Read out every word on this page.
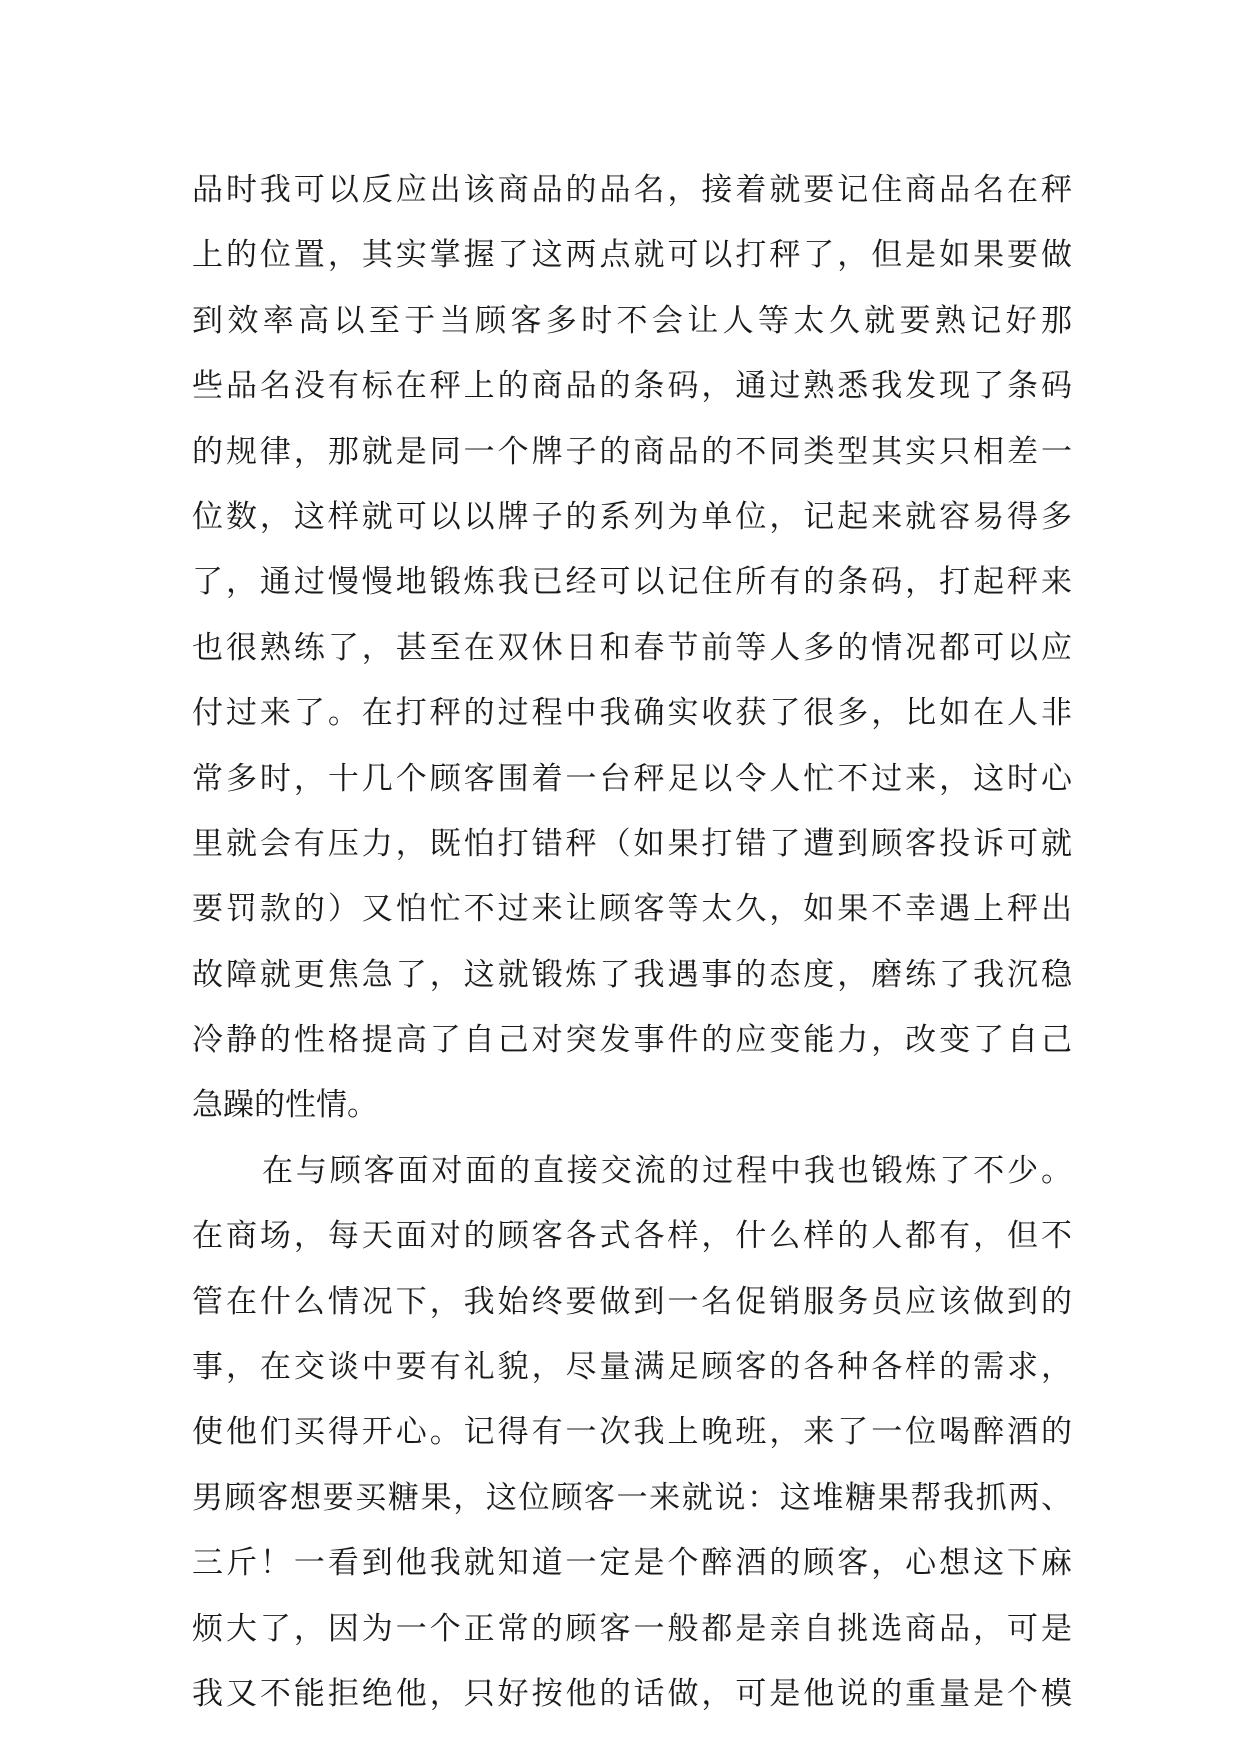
品时我可以反应出该商品的品名，接着就要记住商品名在秤
上的位置，其实掌握了这两点就可以打秤了，但是如果要做
到效率高以至于当顾客多时不会让人等太久就要熟记好那
些品名没有标在秤上的商品的条码，通过熟悉我发现了条码
的规律，那就是同一个牌子的商品的不同类型其实只相差一
位数，这样就可以以牌子的系列为单位，记起来就容易得多
了，通过慢慢地锻炼我已经可以记住所有的条码，打起秤来
也很熟练了，甚至在双休日和春节前等人多的情况都可以应
付过来了。在打秤的过程中我确实收获了很多，比如在人非
常多时，十几个顾客围着一台秤足以令人忙不过来，这时心
里就会有压力，既怕打错秤（如果打错了遭到顾客投诉可就
要罚款的）又怕忙不过来让顾客等太久，如果不幸遇上秤出
故障就更焦急了，这就锻炼了我遇事的态度，磨练了我沉稳
冷静的性格提高了自己对突发事件的应变能力，改变了自己
急躁的性情。
在与顾客面对面的直接交流的过程中我也锻炼了不少。
在商场，每天面对的顾客各式各样，什么样的人都有，但不
管在什么情况下，我始终要做到一名促销服务员应该做到的
事，在交谈中要有礼貌，尽量满足顾客的各种各样的需求，
使他们买得开心。记得有一次我上晚班，来了一位喝醉酒的
男顾客想要买糖果，这位顾客一来就说：这堆糖果帮我抓两、
三斤！一看到他我就知道一定是个醉酒的顾客，心想这下麻
烦大了，因为一个正常的顾客一般都是亲自挑选商品，可是
我又不能拒绝他，只好按他的话做，可是他说的重量是个模
